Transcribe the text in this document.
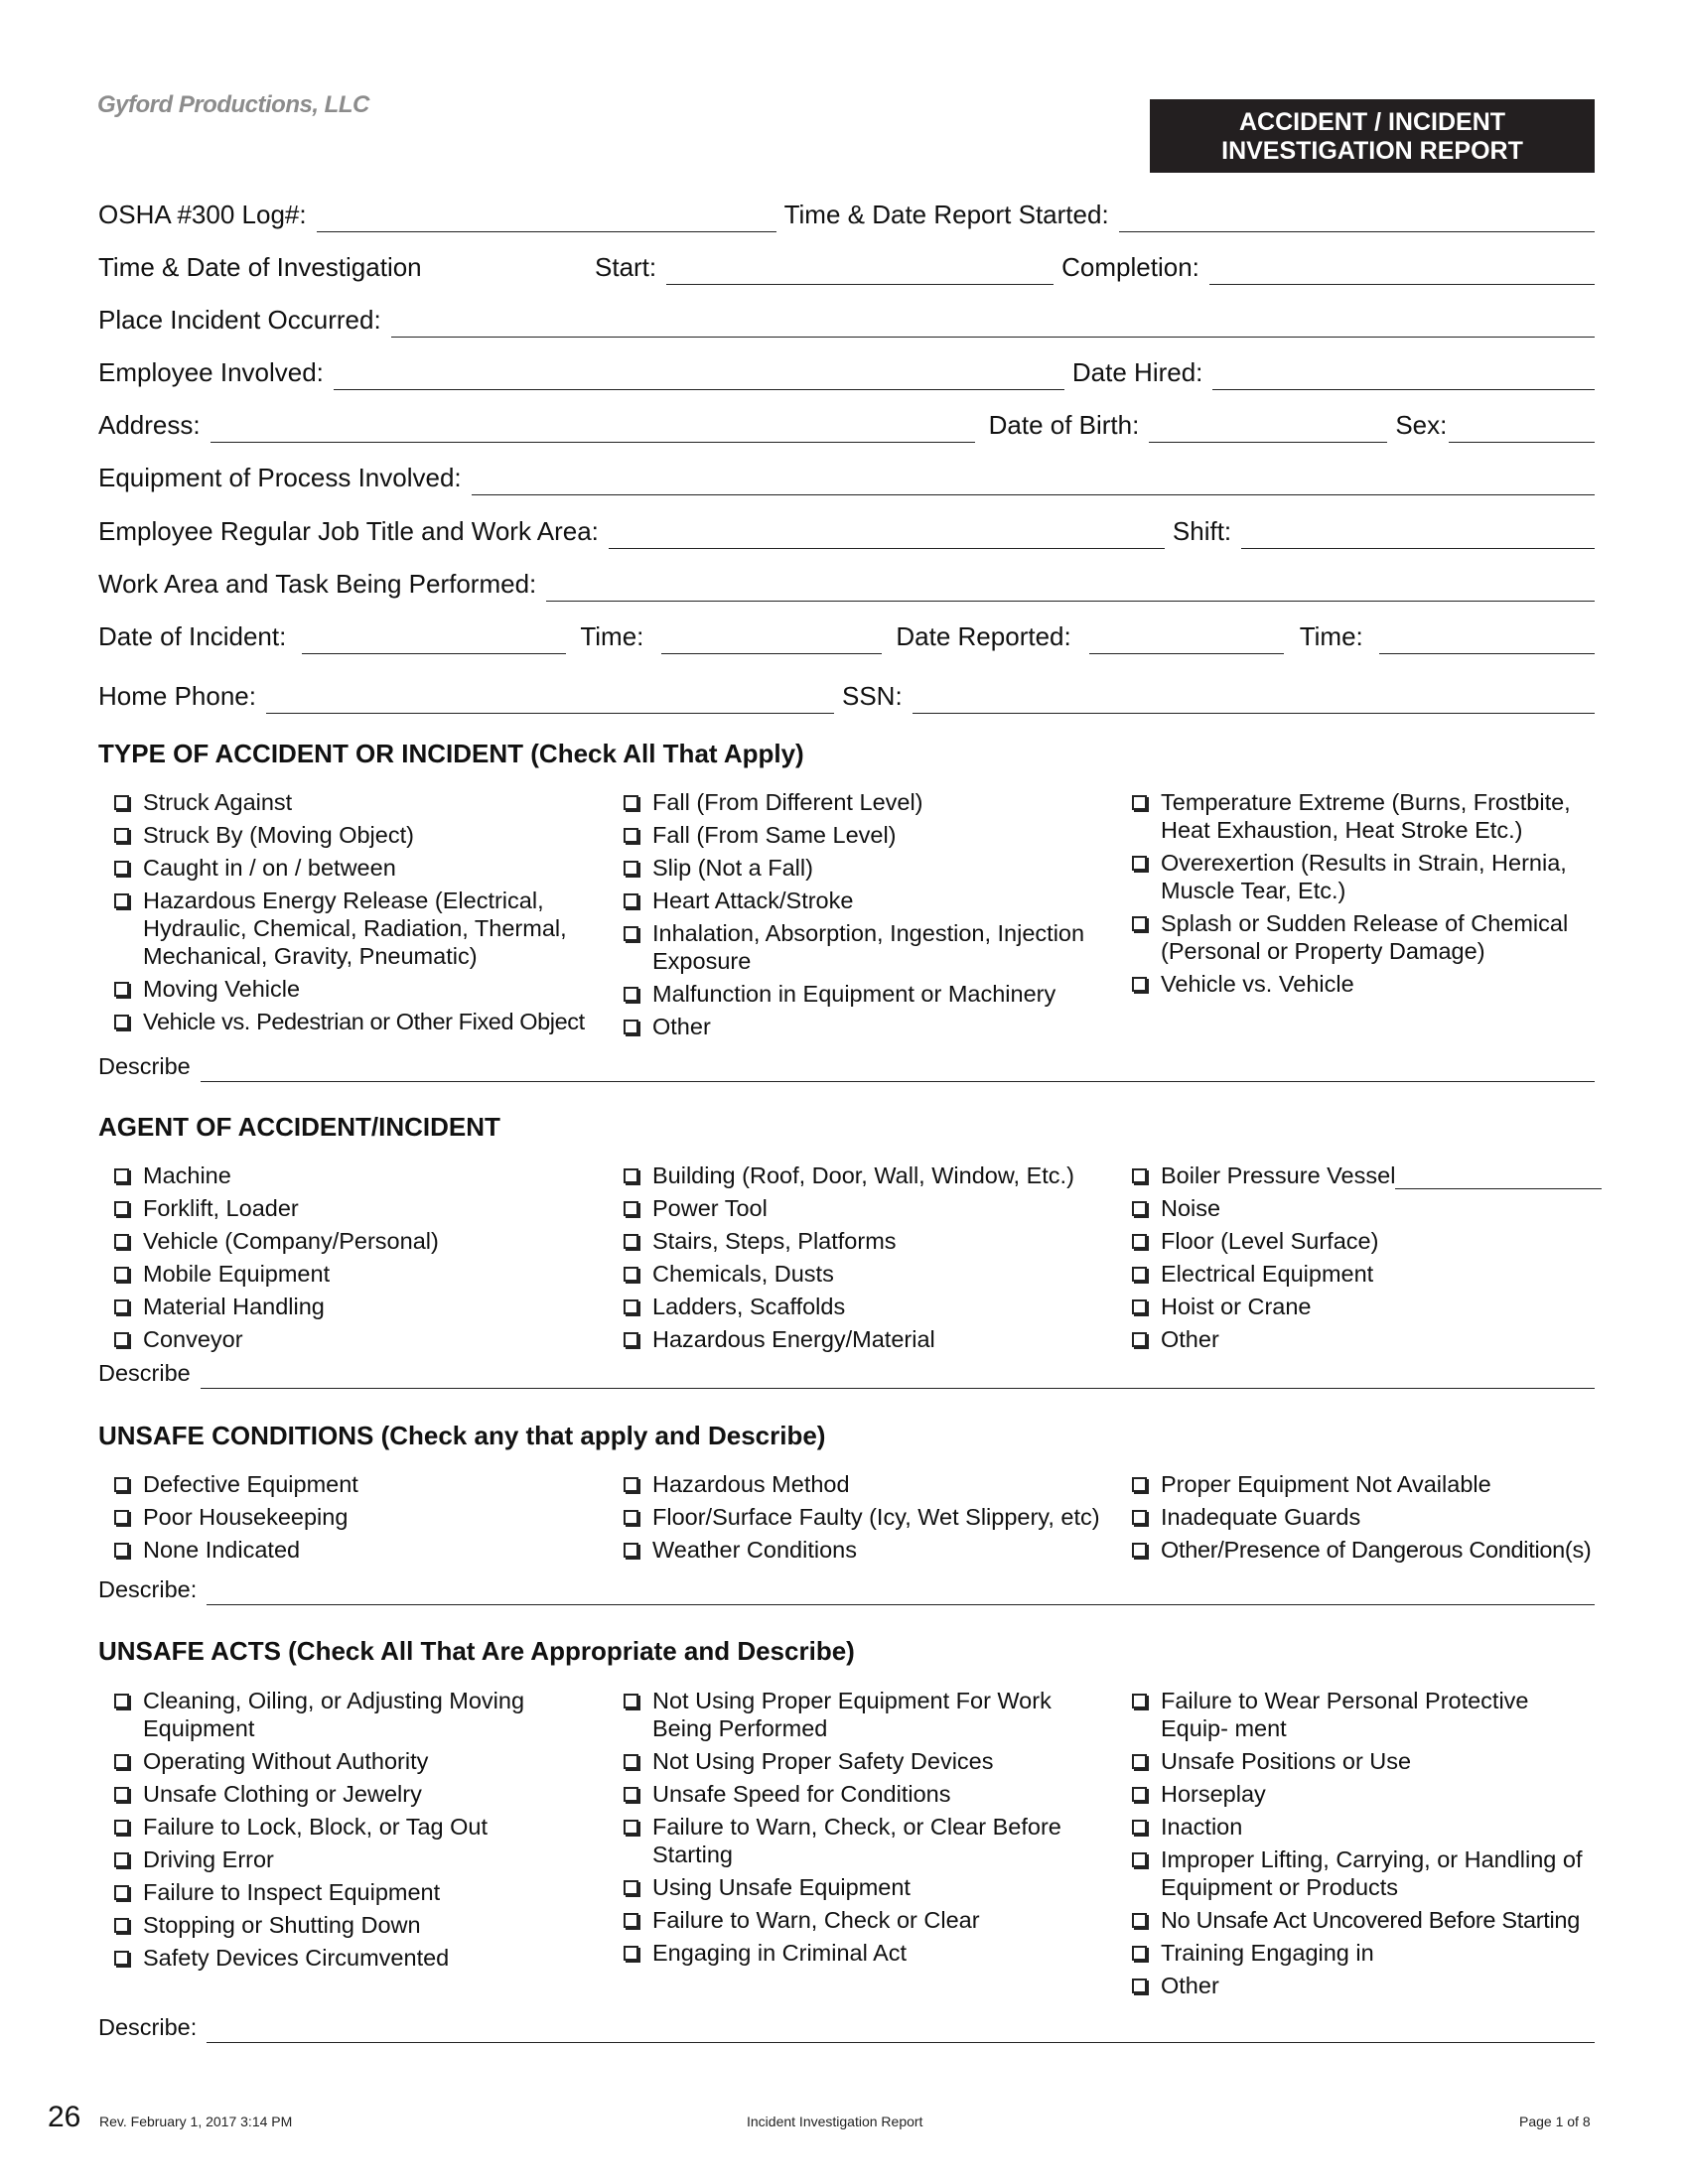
Gyford Productions, LLC
ACCIDENT / INCIDENT
INVESTIGATION REPORT
OSHA #300 Log#:	Time & Date Report Started:
Time & Date of Investigation	Start:	Completion:
Place Incident Occurred:
Employee Involved:	Date Hired:
Address:	Date of Birth:	Sex:
Equipment of Process Involved:
Employee Regular Job Title and Work Area:	Shift:
Work Area and Task Being Performed:
Date of Incident:	Time:	Date Reported:	Time:
Home Phone:	SSN:
TYPE OF ACCIDENT OR INCIDENT (Check All That Apply)
Struck Against
Struck By (Moving Object)
Caught in / on / between
Hazardous Energy Release (Electrical, Hydraulic, Chemical, Radiation, Thermal, Mechanical, Gravity, Pneumatic)
Moving Vehicle
Vehicle vs. Pedestrian or Other Fixed Object
Fall (From Different Level)
Fall (From Same Level)
Slip (Not a Fall)
Heart Attack/Stroke
Inhalation, Absorption, Ingestion, Injection Exposure
Malfunction in Equipment or Machinery
Other
Temperature Extreme (Burns, Frostbite, Heat Exhaustion, Heat Stroke Etc.)
Overexertion (Results in Strain, Hernia, Muscle Tear, Etc.)
Splash or Sudden Release of Chemical (Personal or Property Damage)
Vehicle vs. Vehicle
Describe
AGENT OF ACCIDENT/INCIDENT
Machine
Forklift, Loader
Vehicle (Company/Personal)
Mobile Equipment
Material Handling
Conveyor
Building (Roof, Door, Wall, Window, Etc.)
Power Tool
Stairs, Steps, Platforms
Chemicals, Dusts
Ladders, Scaffolds
Hazardous Energy/Material
Boiler Pressure Vessel
Noise
Floor (Level Surface)
Electrical Equipment
Hoist or Crane
Other
Describe
UNSAFE CONDITIONS (Check any that apply and Describe)
Defective Equipment
Poor Housekeeping
None Indicated
Hazardous Method
Floor/Surface Faulty (Icy, Wet Slippery, etc)
Weather Conditions
Proper Equipment Not Available
Inadequate Guards
Other/Presence of Dangerous Condition(s)
Describe:
UNSAFE ACTS (Check All That Are Appropriate and Describe)
Cleaning, Oiling, or Adjusting Moving Equipment
Operating Without Authority
Unsafe Clothing or Jewelry
Failure to Lock, Block, or Tag Out
Driving Error
Failure to Inspect Equipment
Stopping or Shutting Down
Safety Devices Circumvented
Not Using Proper Equipment For Work Being Performed
Not Using Proper Safety Devices
Unsafe Speed for Conditions
Failure to Warn, Check, or Clear Before Starting
Using Unsafe Equipment
Failure to Warn, Check or Clear
Engaging in Criminal Act
Failure to Wear Personal Protective Equip- ment
Unsafe Positions or Use
Horseplay
Inaction
Improper Lifting, Carrying, or Handling of Equipment or Products
No Unsafe Act Uncovered Before Starting
Training Engaging in
Other
Describe:
26 Rev. February 1, 2017 3:14 PM	Incident Investigation Report	Page 1 of 8
